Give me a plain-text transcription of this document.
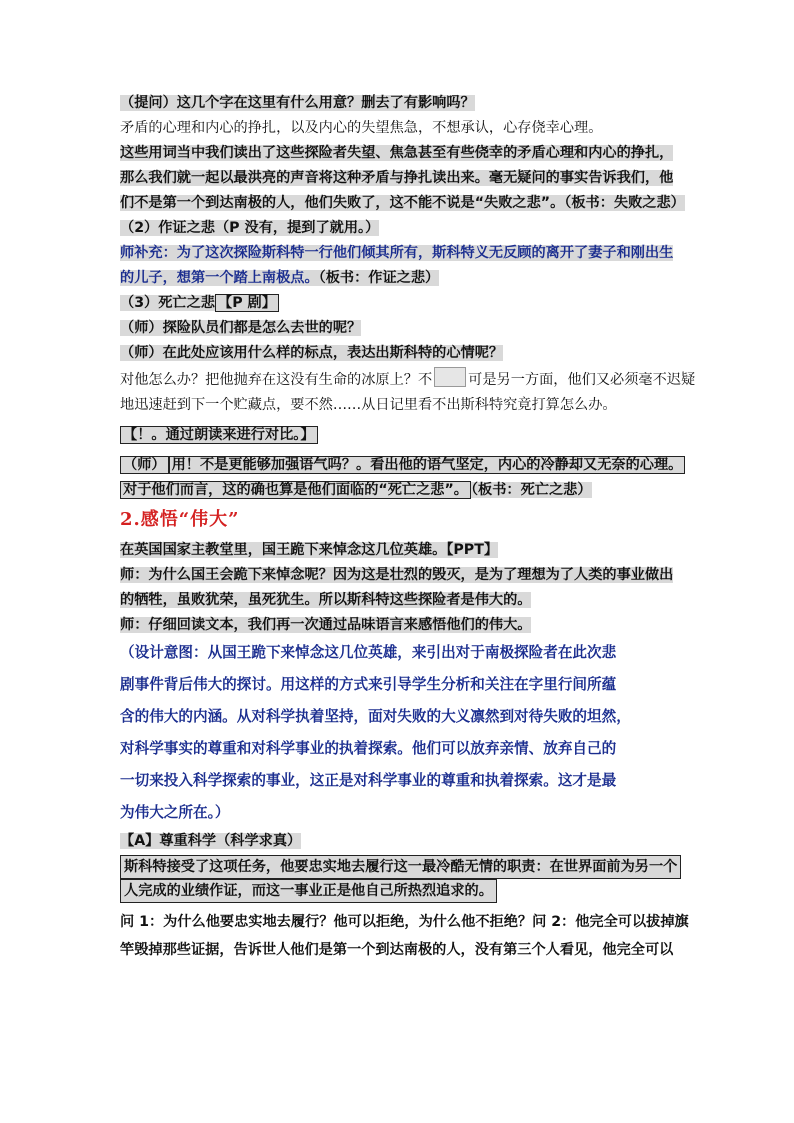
（提问）这几个字在这里有什么用意？删去了有影响吗？

矛盾的心理和内心的挣扎，以及内心的失望焦急，不想承认，心存侥幸心理。

这些用词当中我们读出了这些探险者失望、焦急甚至有些侥幸的矛盾心理和内心的挣扎，

那么我们就一起以最洪亮的声音将这种矛盾与挣扎读出来。毫无疑问的事实告诉我们，他

们不是第一个到达南极的人，他们失败了，这不能不说是“失败之悲”。（板书：失败之悲）

（2）作证之悲（P 没有，提到了就用。）

师补充：为了这次探险斯科特一行他们倾其所有，斯科特义无反顾的离开了妻子和刚出生

的儿子，想第一个踏上南极点。（板书：作证之悲）

（3）死亡之悲 【P 剧】

（师）探险队员们都是怎么去世的呢？

（师）在此处应该用什么样的标点，表达出斯科特的心情呢？

对他怎么办？把他抛弃在这没有生命的冰原上？不	可是另一方面，他们又必须毫不迟疑

地迅速赶到下一个贮藏点，要不然……从日记里看不出斯科特究竟打算怎么办。

【！。通过朗读来进行对比。】

（师） 用！不是更能够加强语气吗？。看出他的语气坚定，内心的冷静却又无奈的心理。

对于他们而言，这的确也算是他们面临的“死亡之悲”。 （板书：死亡之悲）

2.感悟“伟大”

在英国国家主教堂里，国王跪下来悼念这几位英雄。【PPT】

师：为什么国王会跪下来悼念呢？因为这是壮烈的毁灭，是为了理想为了人类的事业做出

的牺牲，虽败犹荣，虽死犹生。所以斯科特这些探险者是伟大的。

师：仔细回读文本，我们再一次通过品味语言来感悟他们的伟大。

（设计意图：从国王跪下来悼念这几位英雄，来引出对于南极探险者在此次悲

剧事件背后伟大的探讨。用这样的方式来引导学生分析和关注在字里行间所蕴

含的伟大的内涵。从对科学执着坚持，面对失败的大义凛然到对待失败的坦然，

对科学事实的尊重和对科学事业的执着探索。他们可以放弃亲情、放弃自己的

一切来投入科学探索的事业，这正是对科学事业的尊重和执着探索。这才是最

为伟大之所在。）

【A】尊重科学（科学求真）

斯科特接受了这项任务，他要忠实地去履行这一最冷酷无情的职责：在世界面前为另一个

人完成的业绩作证，而这一事业正是他自己所热烈追求的。

问 1：为什么他要忠实地去履行？他可以拒绝，为什么他不拒绝？问 2：他完全可以拔掉旗

竿毁掉那些证据，告诉世人他们是第一个到达南极的人，没有第三个人看见，他完全可以
